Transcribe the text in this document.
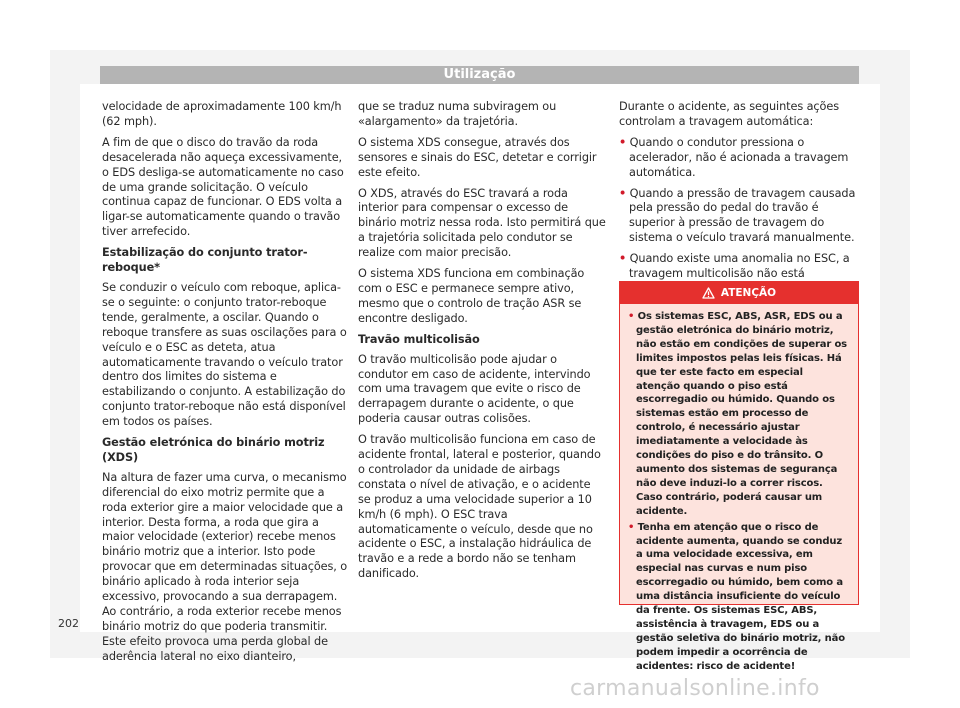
Utilização

velocidade de aproximadamente 100 km/h (62 mph).

A fim de que o disco do travão da roda desacelerada não aqueça excessivamente, o EDS desliga-se automaticamente no caso de uma grande solicitação. O veículo continua capaz de funcionar. O EDS volta a ligar-se automaticamente quando o travão tiver arrefecido.

Estabilização do conjunto trator-reboque*

Se conduzir o veículo com reboque, aplica-se o seguinte: o conjunto trator-reboque tende, geralmente, a oscilar. Quando o reboque transfere as suas oscilações para o veículo e o ESC as deteta, atua automaticamente travando o veículo trator dentro dos limites do sistema e estabilizando o conjunto. A estabilização do conjunto trator-reboque não está disponível em todos os países.

Gestão eletrónica do binário motriz (XDS)

Na altura de fazer uma curva, o mecanismo diferencial do eixo motriz permite que a roda exterior gire a maior velocidade que a interior. Desta forma, a roda que gira a maior velocidade (exterior) recebe menos binário motriz que a interior. Isto pode provocar que em determinadas situações, o binário aplicado à roda interior seja excessivo, provocando a sua derrapagem. Ao contrário, a roda exterior recebe menos binário motriz do que poderia transmitir. Este efeito provoca uma perda global de aderência lateral no eixo dianteiro,

que se traduz numa subviragem ou «alargamento» da trajetória.

O sistema XDS consegue, através dos sensores e sinais do ESC, detetar e corrigir este efeito.

O XDS, através do ESC travará a roda interior para compensar o excesso de binário motriz nessa roda. Isto permitirá que a trajetória solicitada pelo condutor se realize com maior precisão.

O sistema XDS funciona em combinação com o ESC e permanece sempre ativo, mesmo que o controlo de tração ASR se encontre desligado.

Travão multicolisão

O travão multicolisão pode ajudar o condutor em caso de acidente, intervindo com uma travagem que evite o risco de derrapagem durante o acidente, o que poderia causar outras colisões.

O travão multicolisão funciona em caso de acidente frontal, lateral e posterior, quando o controlador da unidade de airbags constata o nível de ativação, e o acidente se produz a uma velocidade superior a 10 km/h (6 mph). O ESC trava automaticamente o veículo, desde que no acidente o ESC, a instalação hidráulica de travão e a rede a bordo não se tenham danificado.

Durante o acidente, as seguintes ações controlam a travagem automática:

• Quando o condutor pressiona o acelerador, não é acionada a travagem automática.
• Quando a pressão de travagem causada pela pressão do pedal do travão é superior à pressão de travagem do sistema o veículo travará manualmente.
• Quando existe uma anomalia no ESC, a travagem multicolisão não está
ATENÇÃO
• Os sistemas ESC, ABS, ASR, EDS ou a gestão eletrónica do binário motriz, não estão em condições de superar os limites impostos pelas leis físicas. Há que ter este facto em especial atenção quando o piso está escorregadio ou húmido. Quando os sistemas estão em processo de controlo, é necessário ajustar imediatamente a velocidade às condições do piso e do trânsito. O aumento dos sistemas de segurança não deve induzi-lo a correr riscos. Caso contrário, poderá causar um acidente.
• Tenha em atenção que o risco de acidente aumenta, quando se conduz a uma velocidade excessiva, em especial nas curvas e num piso escorregadio ou húmido, bem como a uma distância insuficiente do veículo da frente. Os sistemas ESC, ABS, assistência à travagem, EDS ou a gestão seletiva do binário motriz, não podem impedir a ocorrência de acidentes: risco de acidente!
202
carmanualsonline.info
